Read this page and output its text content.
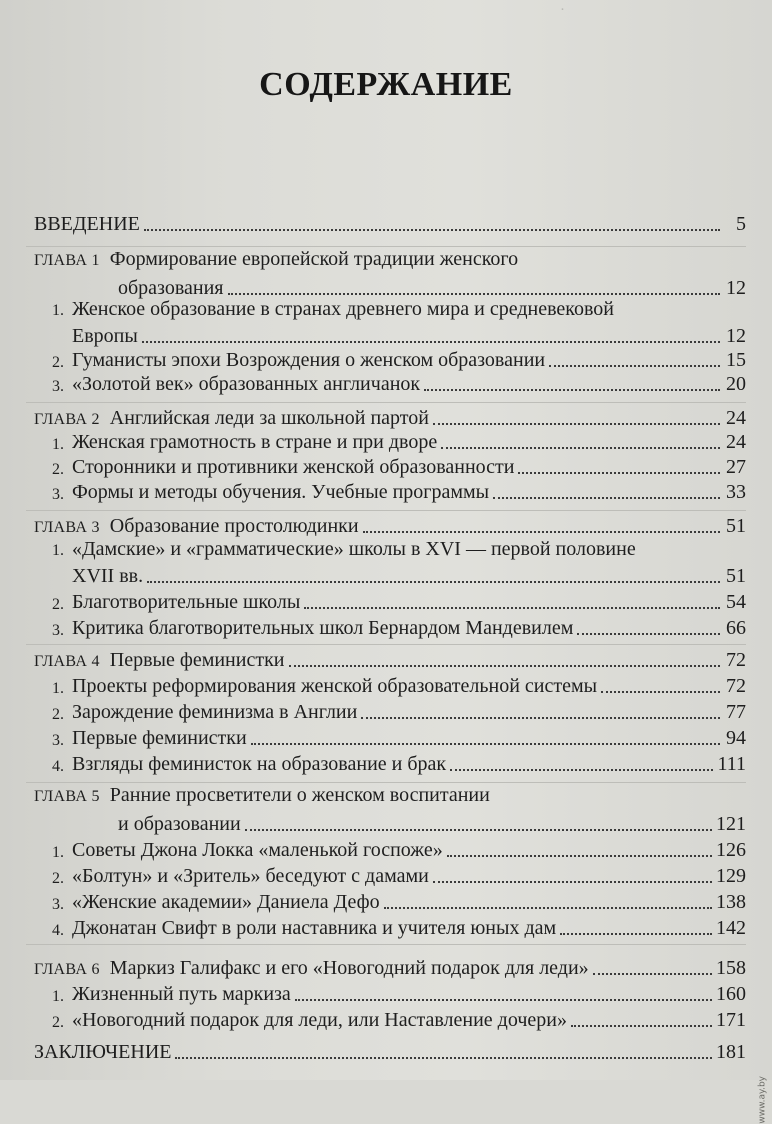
·
СОДЕРЖАНИЕ
ВВЕДЕНИЕ	5
ГЛАВА 1 Формирование европейской традиции женского
образования	12
1. Женское образование в странах древнего мира и средневековой
Европы	12
2. Гуманисты эпохи Возрождения о женском образовании	15
3. «Золотой век» образованных англичанок	20
ГЛАВА 2 Английская леди за школьной партой	24
1. Женская грамотность в стране и при дворе	24
2. Сторонники и противники женской образованности	27
3. Формы и методы обучения. Учебные программы	33
ГЛАВА 3 Образование простолюдинки	51
1. «Дамские» и «грамматические» школы в XVI — первой половине
XVII вв.	51
2. Благотворительные школы	54
3. Критика благотворительных школ Бернардом Мандевилем	66
ГЛАВА 4 Первые феминистки	72
1. Проекты реформирования женской образовательной системы	72
2. Зарождение феминизма в Англии	77
3. Первые феминистки	94
4. Взгляды феминисток на образование и брак	111
ГЛАВА 5 Ранние просветители о женском воспитании
и образовании	121
1. Советы Джона Локка «маленькой госпоже»	126
2. «Болтун» и «Зритель» беседуют с дамами	129
3. «Женские академии» Даниела Дефо	138
4. Джонатан Свифт в роли наставника и учителя юных дам	142
ГЛАВА 6 Маркиз Галифакс и его «Новогодний подарок для леди»	158
1. Жизненный путь маркиза	160
2. «Новогодний подарок для леди, или Наставление дочери»	171
ЗАКЛЮЧЕНИЕ	181
www.ay.by
